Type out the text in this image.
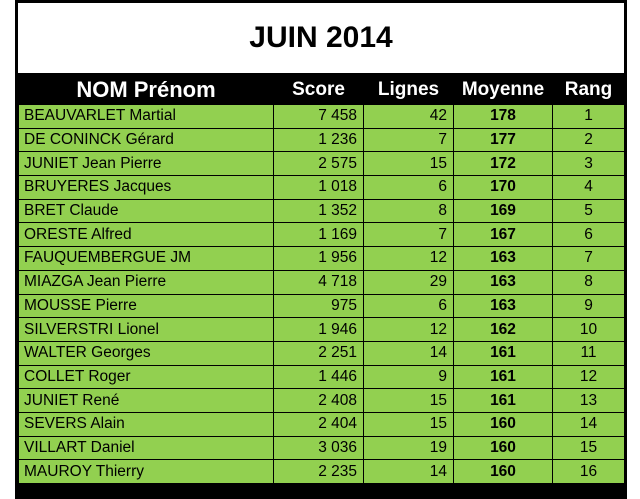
JUIN 2014
NOM Prénom	Score	Lignes	Moyenne	Rang
BEAUVARLET Martial	7 458	42	178	1
DE CONINCK Gérard	1 236	7	177	2
JUNIET Jean Pierre	2 575	15	172	3
BRUYERES Jacques	1 018	6	170	4
BRET Claude	1 352	8	169	5
ORESTE Alfred	1 169	7	167	6
FAUQUEMBERGUE JM	1 956	12	163	7
MIAZGA Jean Pierre	4 718	29	163	8
MOUSSE Pierre	975	6	163	9
SILVERSTRI Lionel	1 946	12	162	10
WALTER Georges	2 251	14	161	11
COLLET Roger	1 446	9	161	12
JUNIET René	2 408	15	161	13
SEVERS Alain	2 404	15	160	14
VILLART Daniel	3 036	19	160	15
MAUROY Thierry	2 235	14	160	16
